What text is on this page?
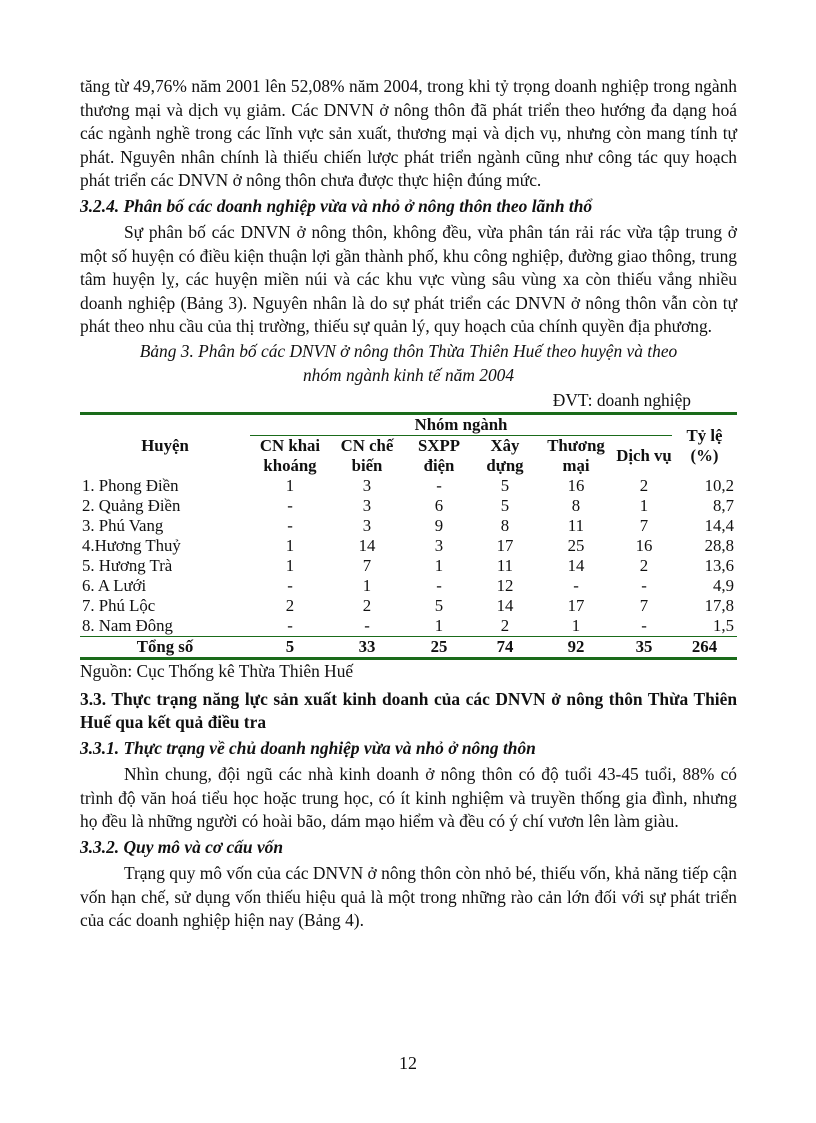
tăng từ 49,76% năm 2001 lên 52,08% năm 2004, trong khi tỷ trọng doanh nghiệp trong ngành thương mại và dịch vụ giảm. Các DNVN ở nông thôn đã phát triển theo hướng đa dạng hoá các ngành nghề trong các lĩnh vực sản xuất, thương mại và dịch vụ, nhưng còn mang tính tự phát. Nguyên nhân chính là thiếu chiến lược phát triển ngành cũng như công tác quy hoạch phát triển các DNVN ở nông thôn chưa được thực hiện đúng mức.

3.2.4. Phân bố các doanh nghiệp vừa và nhỏ ở nông thôn theo lãnh thổ

Sự phân bố các DNVN ở nông thôn, không đều, vừa phân tán rải rác vừa tập trung ở một số huyện có điều kiện thuận lợi gần thành phố, khu công nghiệp, đường giao thông, trung tâm huyện lỵ, các huyện miền núi và các khu vực vùng sâu vùng xa còn thiếu vắng nhiều doanh nghiệp (Bảng 3). Nguyên nhân là do sự phát triển các DNVN ở nông thôn vẫn còn tự phát theo nhu cầu của thị trường, thiếu sự quản lý, quy hoạch của chính quyền địa phương.

Bảng 3. Phân bố các DNVN ở nông thôn Thừa Thiên Huế theo huyện và theo

nhóm ngành kinh tế năm 2004

ĐVT: doanh nghiệp

Huyện	Nhóm ngành						Tỷ lệ (%)
	CN khai khoáng	CN chế biến	SXPP điện	Xây dựng	Thương mại	Dịch vụ	
1. Phong Điền	1	3	-	5	16	2	10,2
2. Quảng Điền	-	3	6	5	8	1	8,7
3. Phú Vang	-	3	9	8	11	7	14,4
4.Hương Thuỷ	1	14	3	17	25	16	28,8
5. Hương Trà	1	7	1	11	14	2	13,6
6. A Lưới	-	1	-	12	-	-	4,9
7. Phú Lộc	2	2	5	14	17	7	17,8
8. Nam Đông	-	-	1	2	1	-	1,5
Tổng số	5	33	25	74	92	35	264

Nguồn: Cục Thống kê Thừa Thiên Huế

3.3. Thực trạng năng lực sản xuất kinh doanh của các DNVN ở nông thôn Thừa Thiên Huế qua kết quả điều tra

3.3.1. Thực trạng về chủ doanh nghiệp vừa và nhỏ ở nông thôn

Nhìn chung, đội ngũ các nhà kinh doanh ở nông thôn có độ tuổi 43-45 tuổi, 88% có trình độ văn hoá tiểu học hoặc trung học, có ít kinh nghiệm và truyền thống gia đình, nhưng họ đều là những người có hoài bão, dám mạo hiểm và đều có ý chí vươn lên làm giàu.

3.3.2. Quy mô và cơ cấu vốn

Trạng quy mô vốn của các DNVN ở nông thôn còn nhỏ bé, thiếu vốn, khả năng tiếp cận vốn hạn chế, sử dụng vốn thiếu hiệu quả là một trong những rào cản lớn đối với sự phát triển của các doanh nghiệp hiện nay (Bảng 4).

12
